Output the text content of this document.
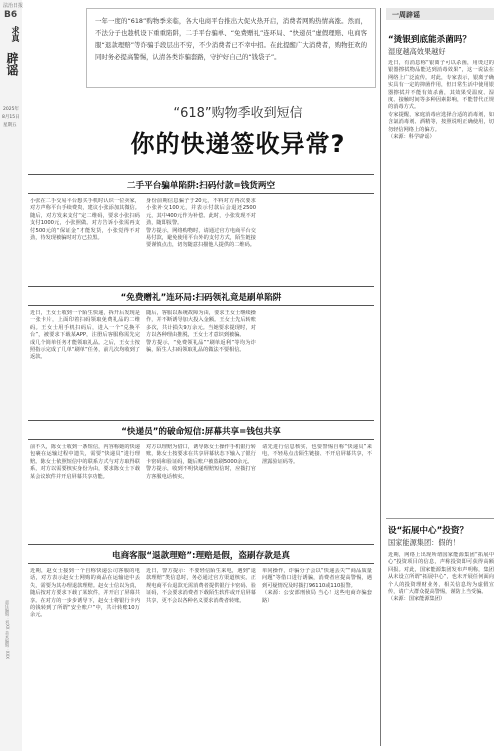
法治日报
B6
求真
辟谣
2025年
8月15日
星期五
责任编辑：刘XX 美术编辑：XXX
一年一度的“618”购物季来临，各大电商平台推出大促火热开启，消费者网购热情高涨。然而，不法分子也趁机设下重重陷阱，二手平台骗单、“免费赠礼”连环局、“快递员”虚假理赔、电商客服“退款理赔”等诈骗手段层出不穷，不少消费者已不幸中招。在此提醒广大消费者，购物狂欢的同时务必提高警惕，认清各类诈骗套路，守护好自己的“钱袋子”。
“618”购物季收到短信
你的快递签收异常?
二手平台骗单陷阱:扫码付款=钱货两空
小张在二手交易平台想买手机时认识一位卖家，对方声称平台手续费贵，建议小张添加其微信。随后，对方发来支付“定二维码，要求小张扫码支付1000元，小张照做。对方告诉小张需再支付500元的“保证金”才能发货，小张觉得不对劲，待发现被骗时对方已拉黑。
身份前期信息骗子于20元，不料对方再次要求小张补交100元，并表示付款后会退还2500元，其中400元作为补偿。此时，小张发现不对劲，随即报警。
警方提示，网络购物时，请通过官方电商平台交易付款，避免使用平台外的支付方式，陌生链接要谨慎点击，切勿随意扫描他人提供的二维码。
“免费赠礼”连环局:扫码领礼竟是刷单陷阱
近日，王女士收到一个陌生快递，拆开后发现是一张卡片，上面印着扫码领取免费礼品的二维码。王女士用手机扫码后，进入一个“兑换平台”，被要求下载某APP，注册后客服称需先完成几个简单任务才能领取礼品。之后，王女士按照指示完成了几单“刷单”任务，前几次均收到了返款。
随后，客服以系统故障为由，要求王女士继续操作，并不断诱导加大投入金额。王女士先后转账多次，共计损失9万余元。当她要求提现时，对方以各种理由推脱，王女士才意识到被骗。
警方提示，“免费领礼品”“刷单返利”等均为诈骗，陌生人扫码领取礼品的做法不要相信。
“快递员”的破命短信:屏幕共享=钱包共享
前不久，陈女士收到一条短信，内容称她的快递包裹在运输过程中遗失，需要“快递员”进行理赔。陈女士依照短信中的联系方式与对方取得联系，对方以需要核实身份为由，要求陈女士下载某会议软件并开启屏幕共享功能。
对方以理赔为借口，诱导陈女士操作手机银行转账，陈女士按要求在共享屏幕状态下输入了银行卡密码和验证码，随后账户被盗刷5000余元。
警方提示，收到不明快递理赔短信时，应拨打官方客服电话核实。
请先进行信息核实，也要警惕自称“快递员”来电，不轻易点击陌生链接、不开启屏幕共享，不泄露验证码等。
电商客服“退款理赔”:理赔是假，盗刷存款是真
近期，赵女士接到一个自称快递公司客服的电话，对方表示赵女士网购的商品在运输途中丢失，需要为其办理退款理赔。赵女士信以为真，随后按对方要求下载了某软件，并开启了屏幕共享。在对方的一步步诱导下，赵女士将银行卡内的钱转到了所谓“安全账户”中，共计转账10万余元。
近日，警方提示：不要轻信陌生来电，遇到“退款理赔”类信息时，务必通过官方渠道核实。正规电商平台退款无需消费者提供银行卡密码、验证码，不会要求消费者下载陌生软件或开启屏幕共享，更不会以各种名义要求消费者转账。
单同操作，诈骗分子会以“快递丢失”“商品质量问题”等借口进行诱骗，消费者应提高警惕，遇到可疑情况及时拨打96110或110报警。
（来源：公安部刑侦局 当心！这些电商诈骗套路）
一周辟谣
“烫银到底能杀菌吗？
湿度越高效果越好
近日，有消息称“银离子可以杀菌，用烫过的银器擦拭物品能达到消毒效果”，这一说法在网络上广泛流传。对此，专家表示，银离子确实具有一定的抑菌作用，但日常生活中使用银器擦拭并不能有效杀菌，其效果受温度、湿度、接触时间等多种因素影响，不能替代正规的消毒方式。
专家提醒，家庭消毒应选择合适的消毒剂，如含氯消毒剂、酒精等，按照说明正确使用，切勿轻信网络上的偏方。
（来源：科学辟谣）
设“拓展中心”投资？
国家能源集团：假的！
近期，网络上出现所谓国家能源集团“拓展中心”投资项目的信息，声称投资即可获得高额回报。对此，国家能源集团发布声明称，集团从未设立所谓“拓展中心”，也未开展任何面向个人的投资理财业务，相关信息均为虚假宣传，请广大群众提高警惕，谨防上当受骗。
（来源：国家能源集团）
